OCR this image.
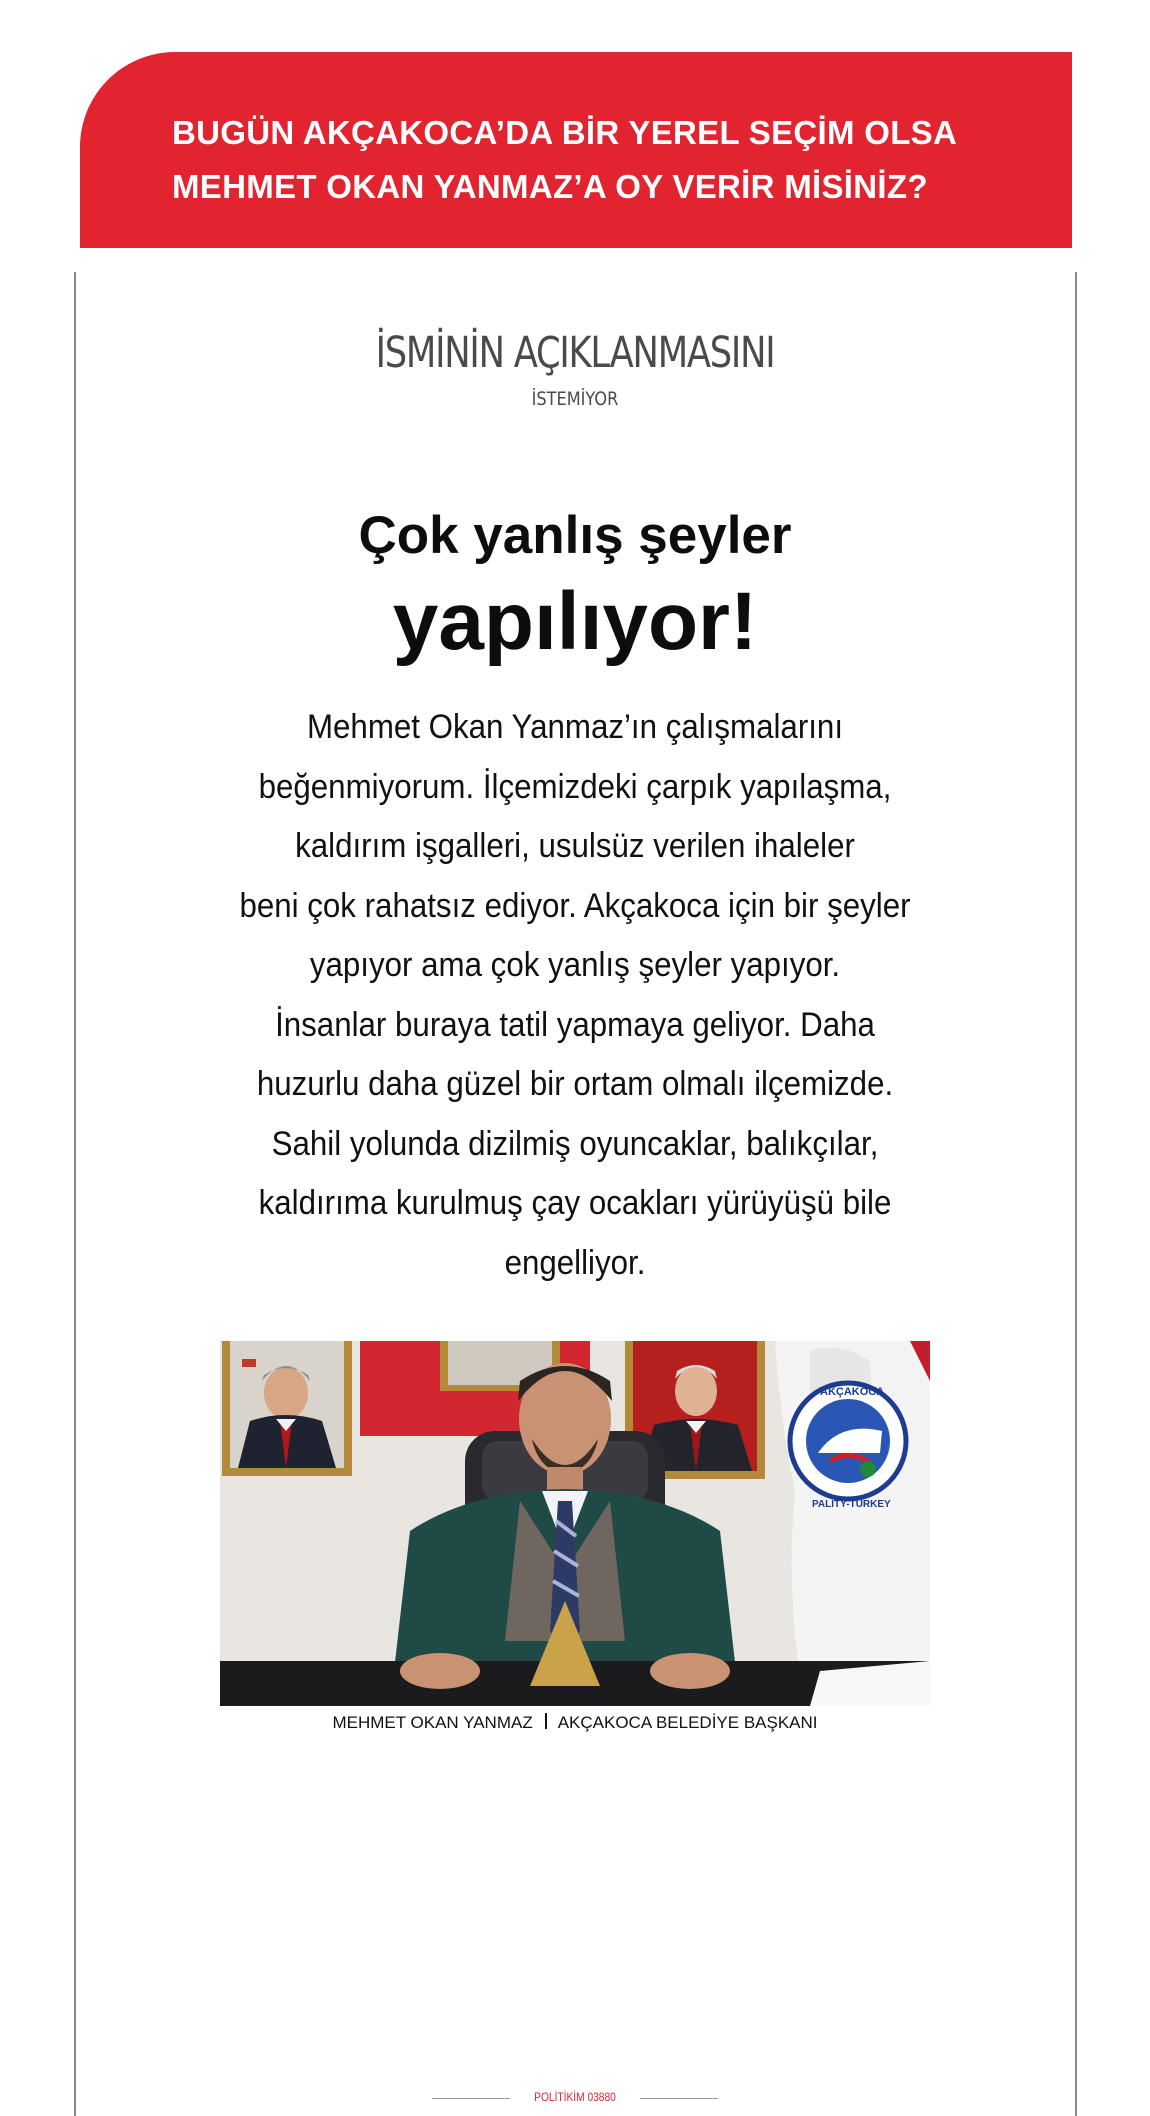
BUGÜN AKÇAKOCA’DA BİR YEREL SEÇİM OLSA
MEHMET OKAN YANMAZ’A OY VERİR MİSİNİZ?
İSMİNİN AÇIKLANMASINI
İSTEMİYOR
Çok yanlış şeyler
yapılıyor!
Mehmet Okan Yanmaz’ın çalışmalarını
beğenmiyorum. İlçemizdeki çarpık yapılaşma,
kaldırım işgalleri, usulsüz verilen ihaleler
beni çok rahatsız ediyor. Akçakoca için bir şeyler
yapıyor ama çok yanlış şeyler yapıyor.
İnsanlar buraya tatil yapmaya geliyor. Daha
huzurlu daha güzel bir ortam olmalı ilçemizde.
Sahil yolunda dizilmiş oyuncaklar, balıkçılar,
kaldırıma kurulmuş çay ocakları yürüyüşü bile
engelliyor.
AKÇAKOCA
PALITY-TURKEY
MEHMET OKAN YANMAZ AKÇAKOCA BELEDİYE BAŞKANI
POLİTİKİM 03880
